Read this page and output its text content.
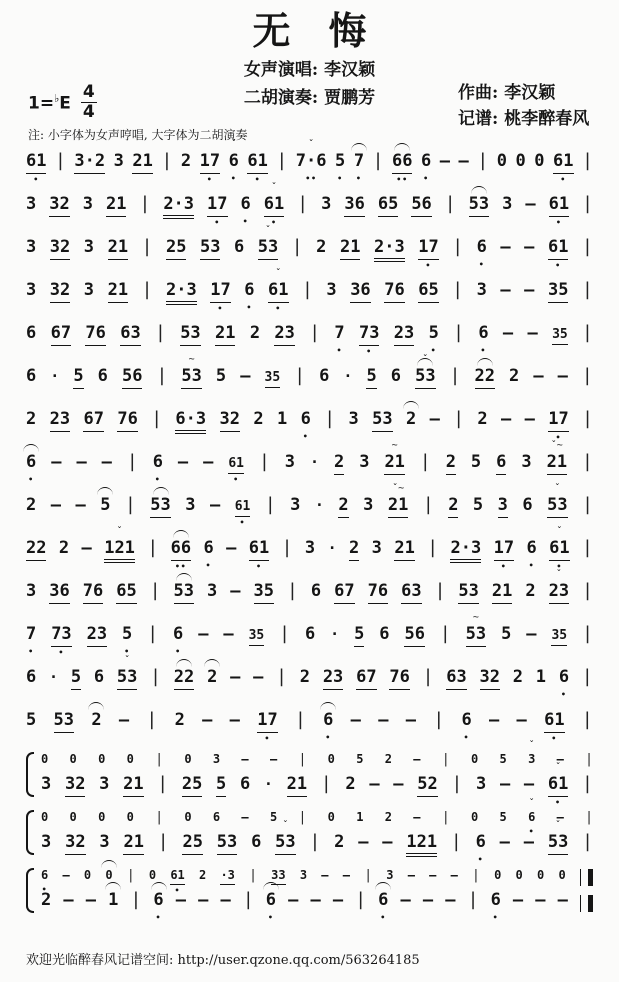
无　悔
女声演唱: 李汉颖
二胡演奏: 贾鹏芳
$1=^♭E \frac{4}{4}$	作曲: 李汉颖
记谱: 桃李醉春风
注: 小字体为女声哼唱, 大字体为二胡演奏
61 • | 3·2 3 21 | 2 17 • 6
ˇ
•
61 • | 7·6
ˇ
••
5 • 7
• | 66
•• 6 • – – | 0 0 0 61 • |
3 32 3 21 | 2·3 17 • 6 • 61
ˇ
•
| 3 36 65 56 | 53 3 – 61 • |
3 32 3 21 | 25 53 6 53
ˇ
| 2 21 2·3 17 • | 6 • – – 61 • |
3 32 3 21 | 2·3 17 • 6 • 61
ˇ
•
| 3 36 76 65 | 3 – – 35 |
6 67 76 63 | 53 21 2 23 | 7 • 73 • 23 5 • | 6 • – – 35 |
6 · 5 6 56 | 53
~
5 – 35 | 6 · 5 6 53
ˇ
| 22 2 – – |
2 23 67 76 | 6·3 32 2 1 6 • | 3 53 2 – | 2 – – 17 • |
6
• – – – | 6 • – – 61 • | 3 · 2 3 21
~
| 2 5 6 3 21
ˇ~
|
2 – – 5 | 53 3 – 61 • | 3 · 2 3 21
ˇ~
| 2 5 3 6 53
ˇ
|
22 2 – 121
ˇ
| 66
•• 6 • – 61 • | 3 · 2 3 21 | 2·3 17 • 6 • 61
ˇ
•
|
3 36 76 65 | 53 3 – 35 | 6 67 76 63 | 53 21 2 23
ˇ
|
7 • 73 • 23 5 • | 6 • – – 35 | 6 · 5 6 56 | 53
~
5 – 35 |
6 · 5 6 53
ˇ
| 22 2 – – | 2 23 67 76 | 63 32 2 1 6 • |
5 53 2 – | 2 – – 17 • | 6
• – – – | 6 • – – 61 • |
0 0 0 0 | 0 3 – – | 0 5 2 – | 0 5 3
ˇ
– |
3 32 3 21 | 25 5 6 · 21 | 2 – – 52 | 3 – – 61
ˇ
•
|
0 0 0 0 | 0 6 – 5 | 0 1 2 – | 0 5 6
ˇ
•
– |
3 32 3 21 | 25 53 6 53
ˇ
| 2 – – 121 | 6 • – – 53
ˇ
|
6 • – 0 0 | 0 61 • 2 ·3 | 33 3 – – | 3 – – – | 0 0 0 0
2 – – 1 | 6
• – – – | 6
• – – – | 6
• – – – | 6 • – – –
欢迎光临醉春风记谱空间: http://user.qzone.qq.com/563264185
